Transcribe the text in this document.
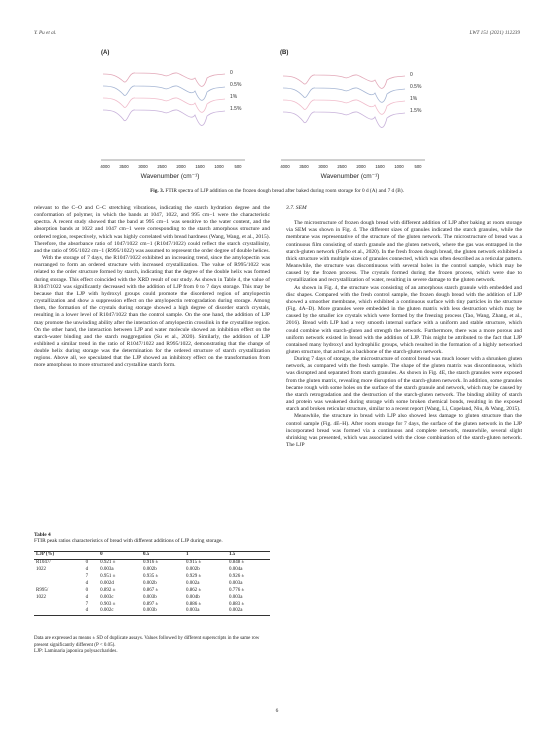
Y. Pu et al.	LWT 151 (2021) 112239
(A)
0
0.5%
1%
1.5%
4000 3500 3000 2500 2000 1500 1000	500
Wavenumber (cm⁻¹)
(B)
0
0.5%
1%
1.5%
4000 3500 3000 2500 2000 1500 1000	500
Wavenumber (cm⁻¹)
Fig. 3. FTIR spectra of LJP addition on the frozen dough bread after baked during room storage for 0 d (A) and 7 d (B).

relevant to the C–O and C–C stretching vibrations, indicating the starch hydration degree and the conformation of polymer, in which the bands at 1047, 1022, and 995 cm−1 were the characteristic spectra. A recent study showed that the band at 995 cm−1 was sensitive to the water content, and the absorption bands at 1022 and 1047 cm−1 were corresponding to the starch amorphous structure and ordered region, respectively, which was highly correlated with bread hardness (Wang, Wang, et al., 2015). Therefore, the absorbance ratio of 1047/1022 cm−1 (R1047/1022) could reflect the starch crystallinity, and the ratio of 995/1022 cm−1 (R995/1022) was assumed to represent the order degree of double helices.

With the storage of 7 days, the R1047/1022 exhibited an increasing trend, since the amylopectin was rearranged to form an ordered structure with increased crystallization. The value of R995/1022 was related to the order structure formed by starch, indicating that the degree of the double helix was formed during storage. This effect coincided with the XRD result of our study. As shown in Table 4, the value of R1047/1022 was significantly decreased with the addition of LJP from 0 to 7 days storage. This may be because that the LJP with hydroxyl groups could promote the disordered region of amylopectin crystallization and show a suppression effect on the amylopectin retrogradation during storage. Among them, the formation of the crystals during storage showed a high degree of disorder starch crystals, resulting in a lower level of R1047/1022 than the control sample. On the one hand, the addition of LJP may promote the unwinding ability after the interaction of amylopectin crosslink in the crystalline region. On the other hand, the interaction between LJP and water molecule showed an inhibition effect on the starch-water binding and the starch reaggregation (Su et al., 2020). Similarly, the addition of LJP exhibited a similar trend in the ratio of R1047/1022 and R995/1022, demonstrating that the change of double helix during storage was the determination for the ordered structure of starch crystallization regions. Above all, we speculated that the LJP showed an inhibitory effect on the transformation from more amorphous to more structured and crystalline starch form.

Table 4
FTIR peak ratios characteristics of bread with different additions of LJP during storage.
LJP (%)		0	0.5	1	1.5
R1047/	0	0.921 ±	0.916 ±	0.915 ±	0.848 ±
1022	d	0.003a	0.002b	0.002b	0.004a
	7	0.951 ±	0.935 ±	0.929 ±	0.926 ±
	d	0.002d	0.002b	0.002a	0.003a
R995/	0	0.892 ±	0.867 ±	0.862 ±	0.776 ±
1022	d	0.003c	0.003b	0.004b	0.003a
	7	0.903 ±	0.897 ±	0.886 ±	0.883 ±
	d	0.002c	0.003b	0.003a	0.002a
Data are expressed as means ± SD of duplicate assays. Values followed by different superscripts in the same row present significantly different (P < 0.05).
LJP: Laminaria japonica polysaccharides.
3.7. SEM

The microstructure of frozen dough bread with different addition of LJP after baking at room storage via SEM was shown in Fig. 4. The different sizes of granules indicated the starch granules, while the membrane was representative of the structure of the gluten network. The microstructure of bread was a continuous film consisting of starch granule and the gluten network, where the gas was entrapped in the starch-gluten network (Farbo et al., 2020). In the fresh frozen dough bread, the gluten network exhibited a thick structure with multiple sizes of granules connected, which was often described as a reticular pattern. Meanwhile, the structure was discontinuous with several holes in the control sample, which may be caused by the frozen process. The crystals formed during the frozen process, which were due to crystallization and recrystallization of water, resulting in severe damage to the gluten network.

As shown in Fig. 4, the structure was consisting of an amorphous starch granule with embedded and disc shapes. Compared with the fresh control sample, the frozen dough bread with the addition of LJP showed a smoother membrane, which exhibited a continuous surface with tiny particles in the structure (Fig. 4A–D). More granules were embedded in the gluten matrix with less destruction which may be caused by the smaller ice crystals which were formed by the freezing process (Tao, Wang, Zhang, et al., 2016). Bread with LJP had a very smooth internal surface with a uniform and stable structure, which could combine with starch-gluten and strength the network. Furthermore, there was a more porous and uniform network existed in bread with the addition of LJP. This might be attributed to the fact that LJP contained many hydroxyl and hydrophilic groups, which resulted in the formation of a highly networked gluten structure, that acted as a backbone of the starch-gluten network.

During 7 days of storage, the microstructure of control bread was much looser with a shrunken gluten network, as compared with the fresh sample. The shape of the gluten matrix was discontinuous, which was disrupted and separated from starch granules. As shown in Fig. 4E, the starch granules were exposed from the gluten matrix, revealing more disruption of the starch-gluten network. In addition, some granules became rough with some holes on the surface of the starch granule and network, which may be caused by the starch retrogradation and the destruction of the starch-gluten network. The binding ability of starch and protein was weakened during storage with some broken chemical bonds, resulting in the exposed starch and broken reticular structure, similar to a recent report (Wang, Li, Copeland, Niu, & Wang, 2015).

Meanwhile, the structure in bread with LJP also showed less damage to gluten structure than the control sample (Fig. 4E–H). After room storage for 7 days, the surface of the gluten network in the LJP incorporated bread was formed via a continuous and complete network, meanwhile, several slight shrinking was presented, which was associated with the close combination of the starch-gluten network. The LJP

6
